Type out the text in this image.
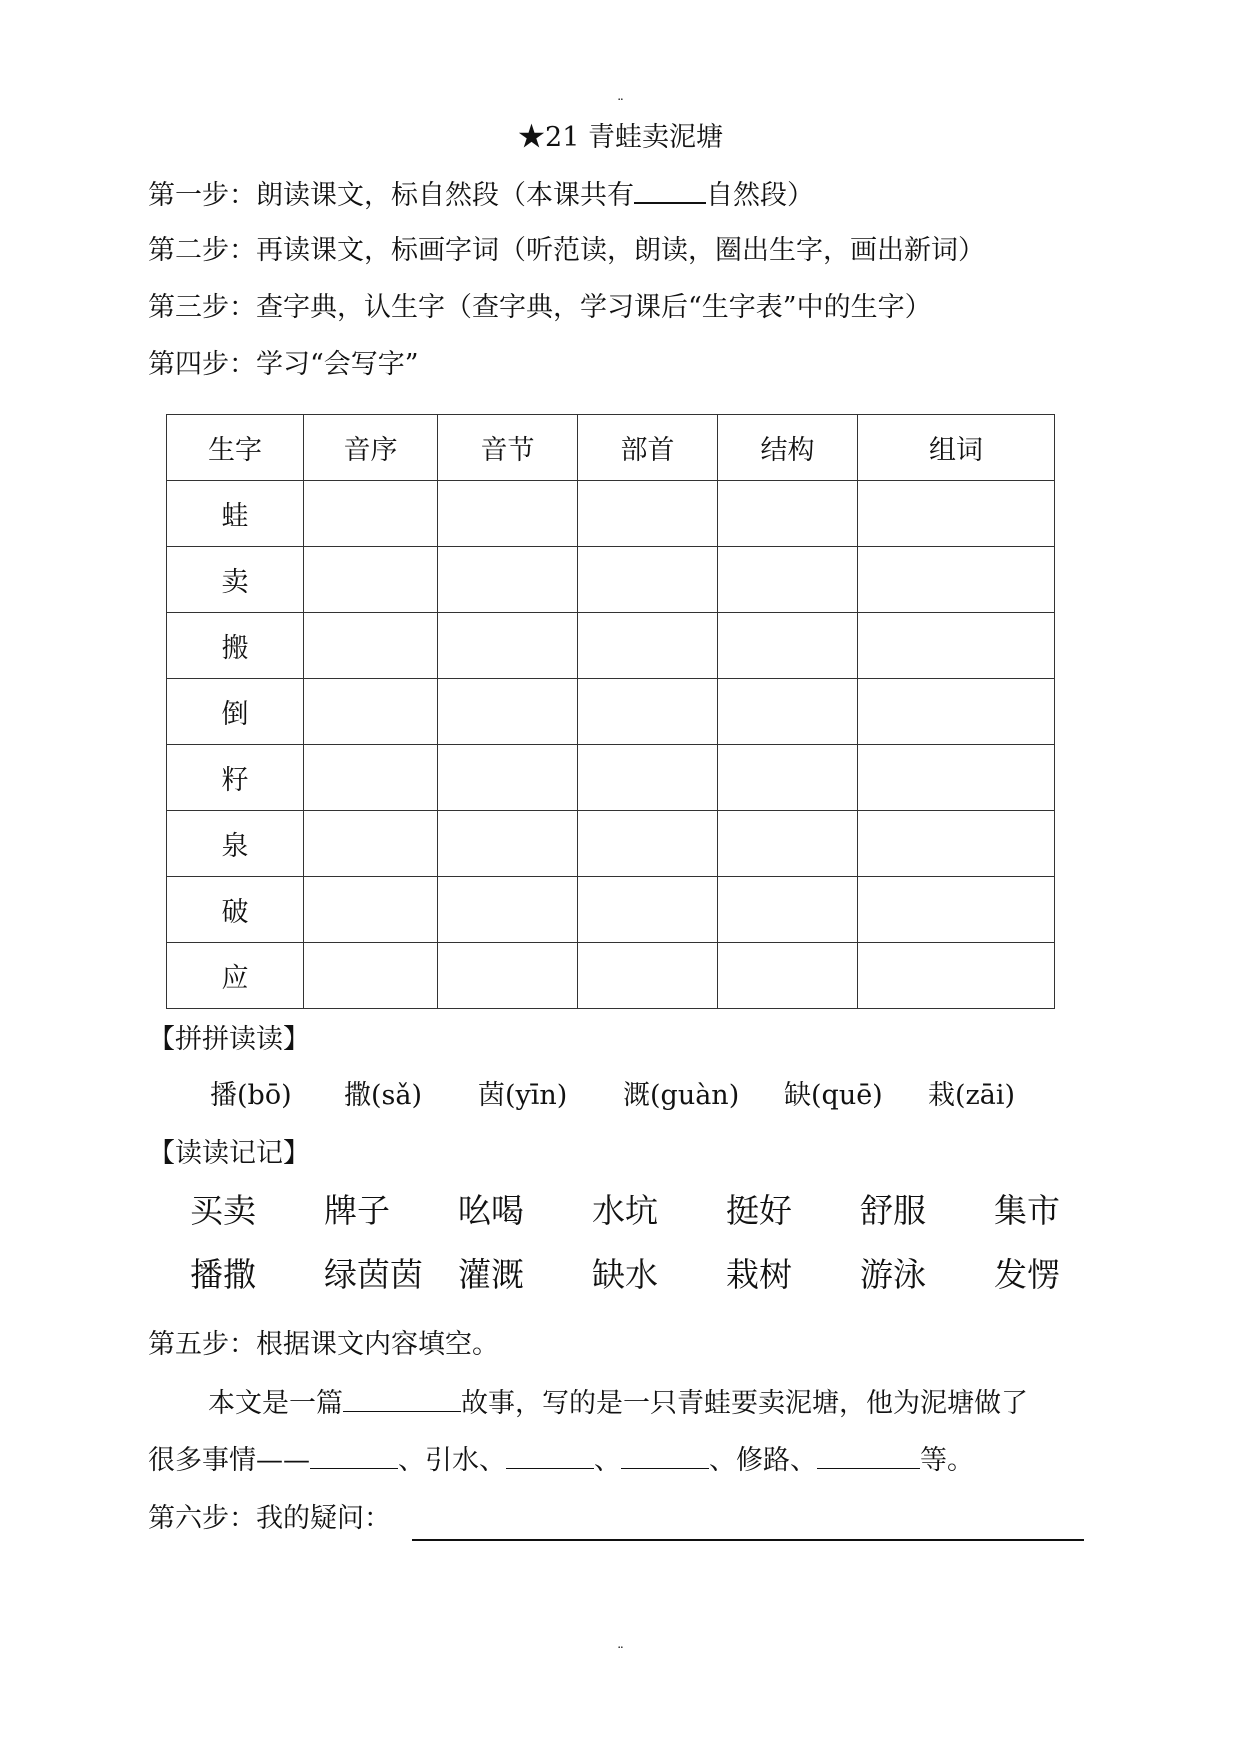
¨
★21 青蛙卖泥塘
第一步：朗读课文，标自然段（本课共有	自然段）
第二步：再读课文，标画字词（听范读，朗读，圈出生字，画出新词）
第三步：查字典，认生字（查字典，学习课后“生字表”中的生字）
第四步：学习“会写字”
生字	音序	音节	部首	结构	组词
蛙					
卖					
搬					
倒					
籽					
泉					
破					
应					
【拼拼读读】
播(bō) 撒(sǎ) 茵(yīn) 溉(guàn) 缺(quē) 栽(zāi)
【读读记记】
买卖 牌子 吆喝 水坑 挺好 舒服 集市
播撒 绿茵茵 灌溉 缺水 栽树 游泳 发愣
第五步：根据课文内容填空。
本文是一篇	故事，写的是一只青蛙要卖泥塘，他为泥塘做了
很多事情——	、引水、	、	、修路、	等。
第六步：我的疑问：
¨
